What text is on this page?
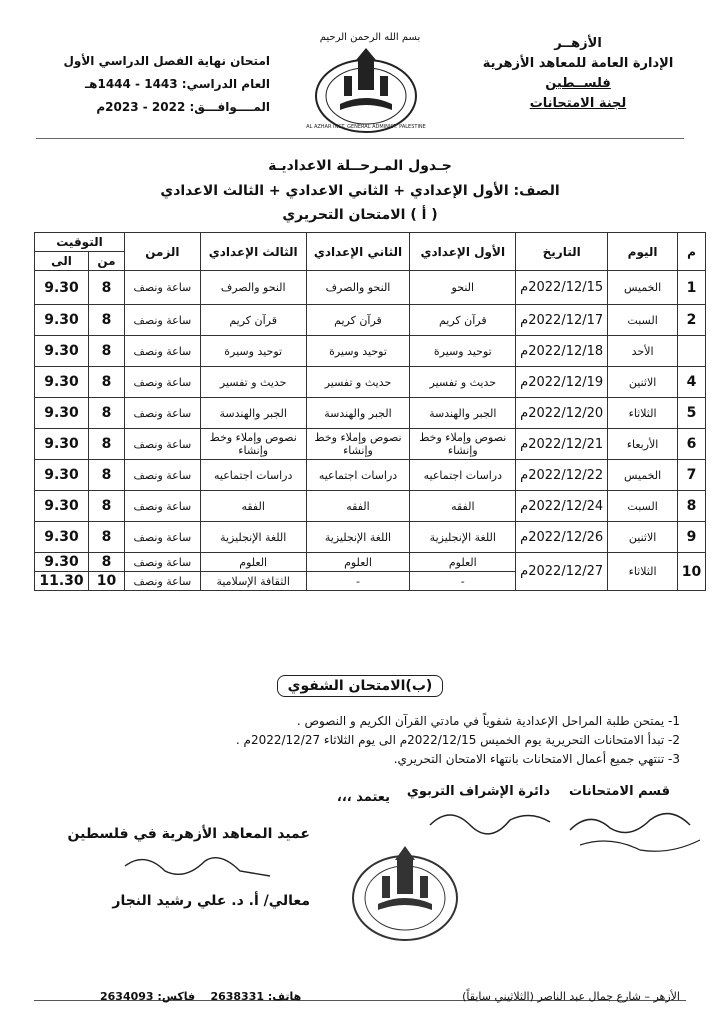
الأزهــر
الإدارة العامة للمعاهد الأزهرية
فلســطين
لجنة الامتحانات
بسم الله الرحمن الرحيم
AL AZHAR INST. GENERAL ADMINIST. PALESTINE
امتحان نهاية الفصل الدراسي الأول
العام الدراسي: 1443 - 1444هـ
المــــوافـــق: 2022 - 2023م
جـدول المـرحــلة الاعداديـة
الصف: الأول الإعدادي + الثاني الاعدادي + الثالث الاعدادي
( أ ) الامتحان التحريري
م	اليوم	التاريخ	الأول الإعدادي	الثاني الإعدادي	الثالث الإعدادي	الزمن	التوقيت	
							من	الى
1	الخميس	2022/12/15م	النحو	النحو والصرف	النحو والصرف	ساعة ونصف	8	9.30
2	السبت	2022/12/17م	قرآن كريم	قرآن كريم	قرآن كريم	ساعة ونصف	8	9.30
	الأحد	2022/12/18م	توحيد وسيرة	توحيد وسيرة	توحيد وسيرة	ساعة ونصف	8	9.30
4	الاثنين	2022/12/19م	حديث و تفسير	حديث و تفسير	حديث و تفسير	ساعة ونصف	8	9.30
5	الثلاثاء	2022/12/20م	الجبر والهندسة	الجبر والهندسة	الجبر والهندسة	ساعة ونصف	8	9.30
6	الأربعاء	2022/12/21م	نصوص وإملاء وخط وإنشاء	نصوص وإملاء وخط وإنشاء	نصوص وإملاء وخط وإنشاء	ساعة ونصف	8	9.30
7	الخميس	2022/12/22م	دراسات اجتماعيه	دراسات اجتماعيه	دراسات اجتماعيه	ساعة ونصف	8	9.30
8	السبت	2022/12/24م	الفقه	الفقه	الفقه	ساعة ونصف	8	9.30
9	الاثنين	2022/12/26م	اللغة الإنجليزية	اللغة الإنجليزية	اللغة الإنجليزية	ساعة ونصف	8	9.30
10	الثلاثاء	2022/12/27م	العلوم	العلوم	العلوم	ساعة ونصف	8	9.30
			-	-	الثقافة الإسلامية	ساعة ونصف	10	11.30
(ب)الامتحان الشفوي
1- يمتحن طلبة المراحل الإعدادية شفوياً في مادتي القرآن الكريم و النصوص .
2- تبدأ الامتحانات التحريرية يوم الخميس 2022/12/15م الى يوم الثلاثاء 2022/12/27م .
3- تنتهي جميع أعمال الامتحانات بانتهاء الامتحان التحريري.
قسم الامتحانات
دائرة الإشراف التربوي
يعتمد ،،،
عميد المعاهد الأزهرية في فلسطين
معالي/ أ. د. علي رشيد النجار
الأزهر – شارع جمال عبد الناصر (الثلاثيني سابقاً)
هاتف: 2638331    فاكس: 2634093
